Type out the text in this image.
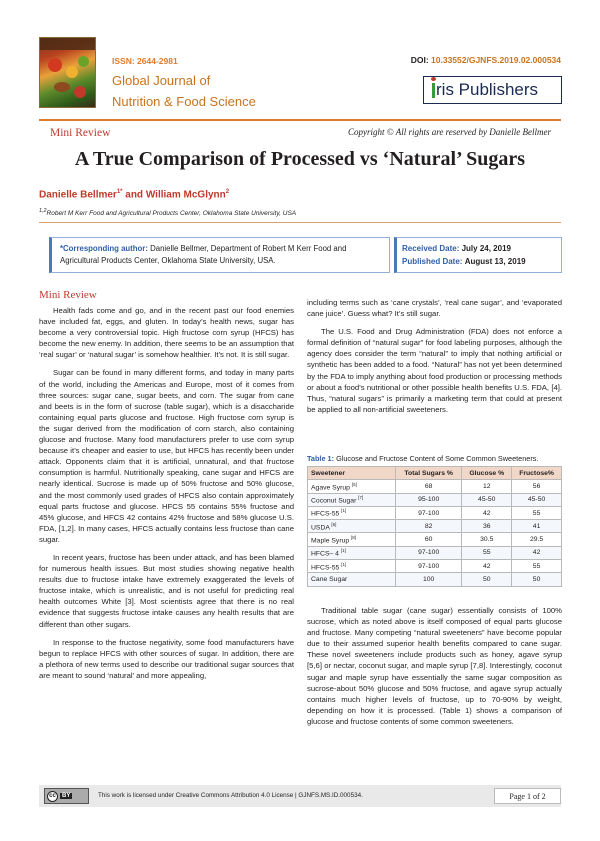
ISSN: 2644-2981
Global Journal of
Nutrition & Food Science
DOI: 10.33552/GJNFS.2019.02.000534
ris Publishers
Mini Review	Copyright © All rights are reserved by Danielle Bellmer
A True Comparison of Processed vs ‘Natural’ Sugars
Danielle Bellmer$^{1*}$ and William McGlynn$^2$
$^{1,2}$Robert M Kerr Food and Agricultural Products Center, Oklahoma State University, USA
*Corresponding author: Danielle Bellmer, Department of Robert M Kerr Food and Agricultural Products Center, Oklahoma State University, USA.
Received Date: July 24, 2019
Published Date: August 13, 2019
Mini Review

Health fads come and go, and in the recent past our food enemies have included fat, eggs, and gluten. In today’s health news, sugar has become a very controversial topic. High fructose corn syrup (HFCS) has become the new enemy. In addition, there seems to be an assumption that ‘real sugar’ or ‘natural sugar’ is somehow healthier. It’s not. It is still sugar.

Sugar can be found in many different forms, and today in many parts of the world, including the Americas and Europe, most of it comes from three sources: sugar cane, sugar beets, and corn. The sugar from cane and beets is in the form of sucrose (table sugar), which is a disaccharide containing equal parts glucose and fructose. High fructose corn syrup is the sugar derived from the modification of corn starch, also containing glucose and fructose. Many food manufacturers prefer to use corn syrup because it’s cheaper and easier to use, but HFCS has recently been under attack. Opponents claim that it is artificial, unnatural, and that fructose consumption is harmful. Nutritionally speaking, cane sugar and HFCS are nearly identical. Sucrose is made up of 50% fructose and 50% glucose, and the most commonly used grades of HFCS also contain approximately equal parts fructose and glucose. HFCS 55 contains 55% fructose and 45% glucose, and HFCS 42 contains 42% fructose and 58% glucose U.S. FDA, [1,2]. In many cases, HFCS actually contains less fructose than cane sugar.

In recent years, fructose has been under attack, and has been blamed for numerous health issues. But most studies showing negative health results due to fructose intake have extremely exaggerated the levels of fructose intake, which is unrealistic, and is not useful for predicting real health outcomes White [3]. Most scientists agree that there is no real evidence that suggests fructose intake causes any health results that are different than other sugars.

In response to the fructose negativity, some food manufacturers have begun to replace HFCS with other sources of sugar. In addition, there are a plethora of new terms used to describe our traditional sugar sources that are meant to sound ‘natural’ and more appealing,

including terms such as ‘cane crystals’, ‘real cane sugar’, and ‘evaporated cane juice’. Guess what? It’s still sugar.

The U.S. Food and Drug Administration (FDA) does not enforce a formal definition of “natural sugar” for food labeling purposes, although the agency does consider the term “natural” to imply that nothing artificial or synthetic has been added to a food. “Natural” has not yet been determined by the FDA to imply anything about food production or processing methods or about a food’s nutritional or other possible health benefits U.S. FDA, [4]. Thus, “natural sugars” is primarily a marketing term that could at present be applied to all non-artificial sweeteners.

Table 1: Glucose and Fructose Content of Some Common Sweeteners.
Sweetener	Total Sugars %	Glucose %	Fructose%
Agave Syrup [5]	68	12	56
Coconut Sugar [7]	95-100	45-50	45-50
HFCS-55 [1]	97-100	42	55
USDA [6]	82	36	41
Maple Syrup [8]	60	30.5	29.5
HFCS– 4 [1]	97-100	55	42
HFCS-55 [1]	97-100	42	55
Cane Sugar	100	50	50

Traditional table sugar (cane sugar) essentially consists of 100% sucrose, which as noted above is itself composed of equal parts glucose and fructose. Many competing “natural sweeteners” have become popular due to their assumed superior health benefits compared to cane sugar. These novel sweeteners include products such as honey, agave syrup [5,6] or nectar, coconut sugar, and maple syrup [7,8]. Interestingly, coconut sugar and maple syrup have essentially the same sugar composition as sucrose-about 50% glucose and 50% fructose, and agave syrup actually contains much higher levels of fructose, up to 70-90% by weight, depending on how it is processed. (Table 1) shows a comparison of glucose and fructose contents of some common sweeteners.

cc	BY	This work is licensed under Creative Commons Attribution 4.0 License | GJNFS.MS.ID.000534.	Page 1 of 2
